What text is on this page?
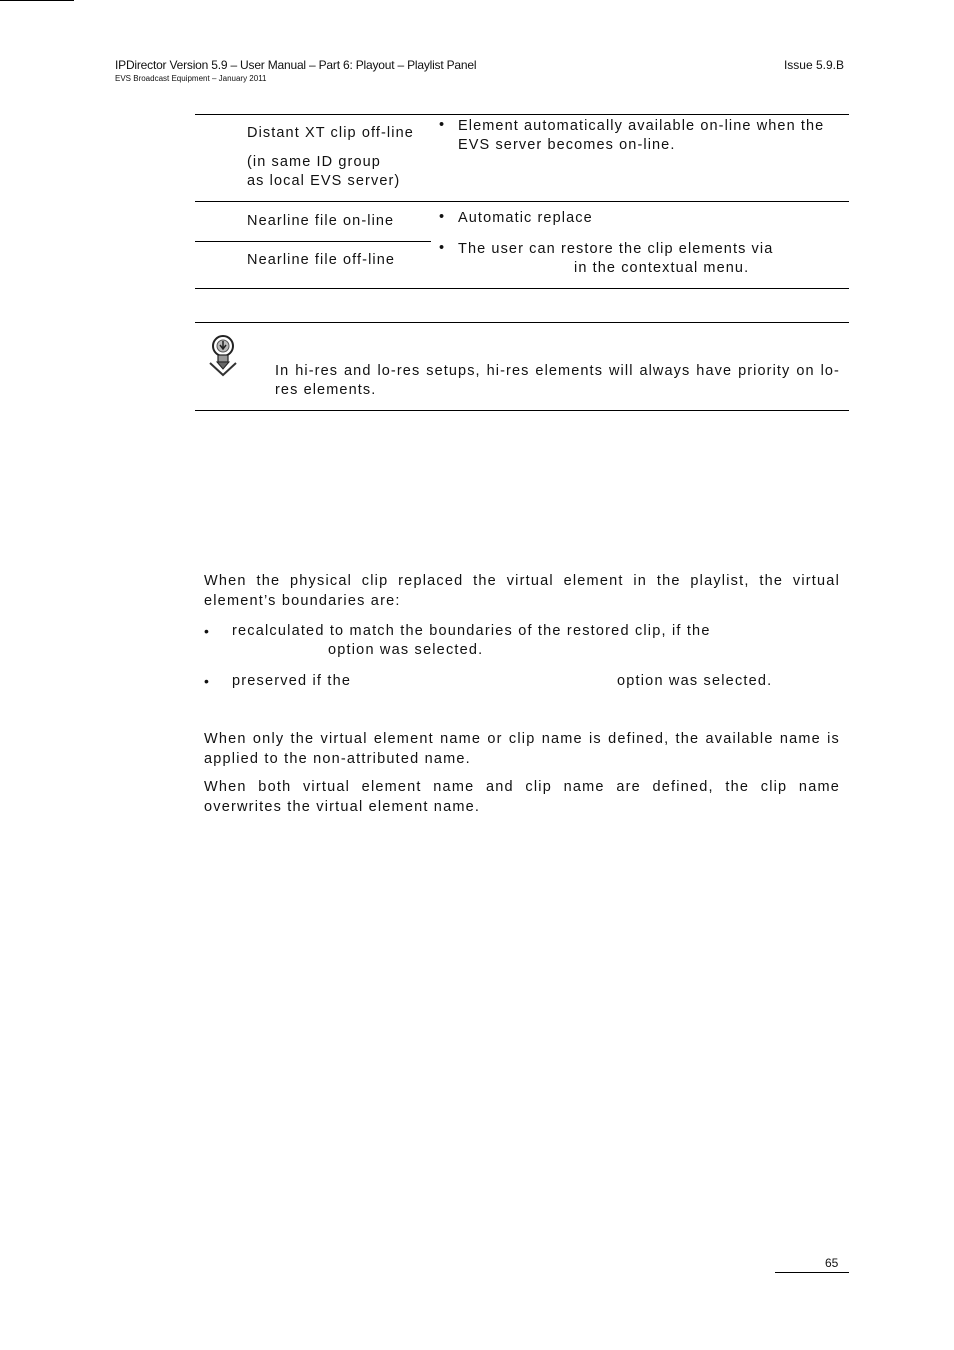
IPDirector Version 5.9 – User Manual – Part 6: Playout – Playlist Panel
EVS Broadcast Equipment – January 2011
Issue 5.9.B
Distant XT clip off-line
(in same ID group
as local EVS server)
• Element automatically available on-line when the
EVS server becomes on-line.
Nearline file on-line	• Automatic replace
Nearline file off-line
• The user can restore the clip elements via
in the contextual menu.
In hi-res and lo-res setups, hi-res elements will always have priority on lo-res elements.
When the physical clip replaced the virtual element in the playlist, the virtual element’s boundaries are:
• recalculated to match the boundaries of the restored clip, if the
option was selected.
• preserved if the	option was selected.
When only the virtual element name or clip name is defined, the available name is applied to the non-attributed name.
When both virtual element name and clip name are defined, the clip name overwrites the virtual element name.
65
